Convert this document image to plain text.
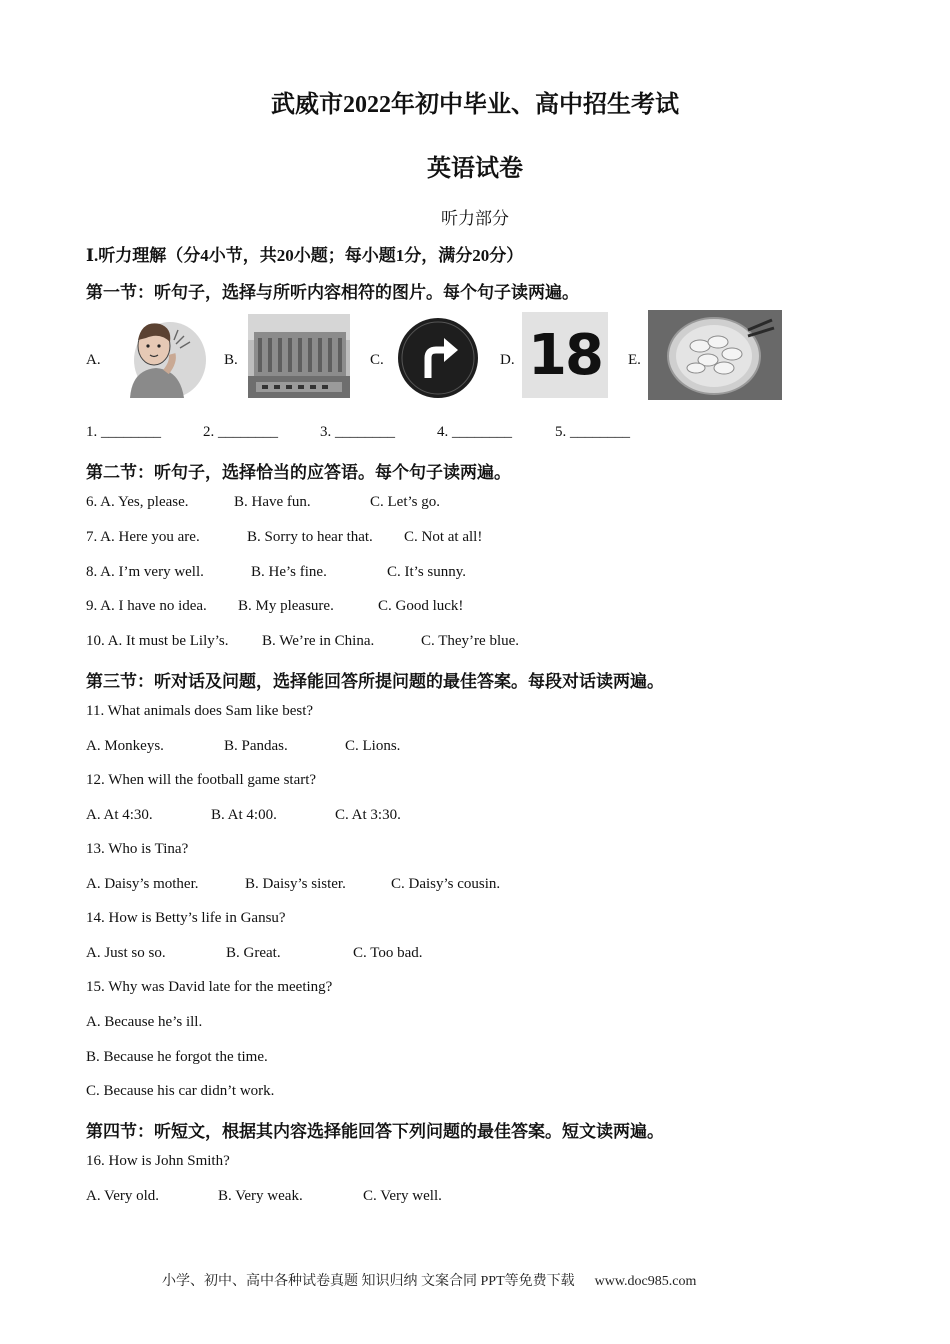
武威市2022年初中毕业、高中招生考试
英语试卷
听力部分
Ⅰ.听力理解（分4小节，共20小题；每小题1分，满分20分）
第一节：听句子，选择与所听内容相符的图片。每个句子读两遍。
A.	B.	C.	D. 18 E.
1. ________	2. ________	3. ________	4. ________	5. ________
第二节：听句子，选择恰当的应答语。每个句子读两遍。
6. A. Yes, please.	B. Have fun.	C. Let’s go.
7. A. Here you are.	B. Sorry to hear that. C. Not at all!
8. A. I’m very well.	B. He’s fine.	C. It’s sunny.
9. A. I have no idea. B. My pleasure.	C. Good luck!
10. A. It must be Lily’s. B. We’re in China.	C. They’re blue.
第三节：听对话及问题，选择能回答所提问题的最佳答案。每段对话读两遍。
11. What animals does Sam like best?
A. Monkeys.	B. Pandas.	C. Lions.
12. When will the football game start?
A. At 4:30.	B. At 4:00.	C. At 3:30.
13. Who is Tina?
A. Daisy’s mother.	B. Daisy’s sister.	C. Daisy’s cousin.
14. How is Betty’s life in Gansu?
A. Just so so.	B. Great.	C. Too bad.
15. Why was David late for the meeting?
A. Because he’s ill.
B. Because he forgot the time.
C. Because his car didn’t work.
第四节：听短文，根据其内容选择能回答下列问题的最佳答案。短文读两遍。
16. How is John Smith?
A. Very old.	B. Very weak.	C. Very well.
小学、初中、高中各种试卷真题 知识归纳 文案合同 PPT等免费下载 www.doc985.com
